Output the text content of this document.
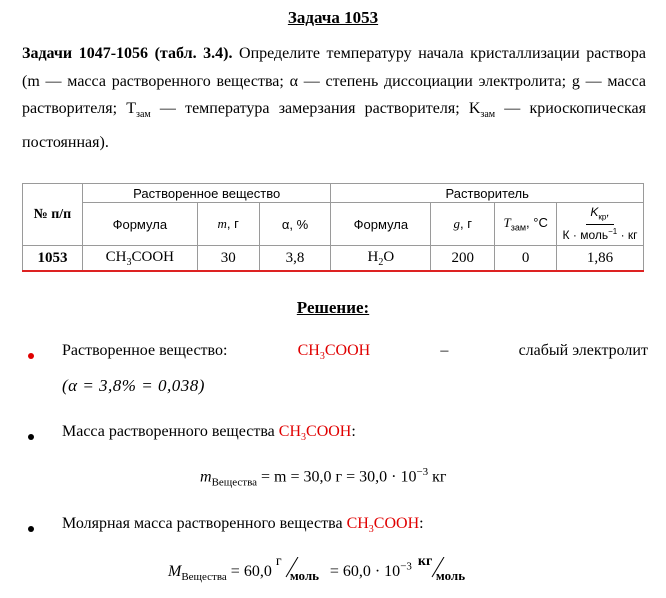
Задача 1053
Задачи 1047-1056 (табл. 3.4). Определите температуру начала кристаллизации раствора (m — масса растворенного вещества; α — степень диссоциации электролита; g — масса растворителя; $T_{зам}$ — температура замерзания растворителя; $K_{зам}$ — криоскопическая постоянная).
№ п/п	Растворенное вещество			Растворитель			
	Формула	m, г	α, %	Формула	g, г	$T_{зам}$, °C	$K_{кр}$,
К · моль$^{-1}$ · кг
1053	$CH_3COOH$	30	3,8	$H_2O$	200	0	1,86
Решение:
Растворенное вещество:	$CH_3COOH$	–	слабый электролит
(α = 3,8% = 0,038)
Масса растворенного вещества $CH_3COOH$:
$m_{Вещества} = m = 30,0$ $г = 30,0 \cdot 10^{-3}$ кг
Молярная масса растворенного вещества $CH_3COOH$:
$M_{Вещества} = 60,0$
г
моль = $60,0 \cdot 10^{-3}$ кг
моль
